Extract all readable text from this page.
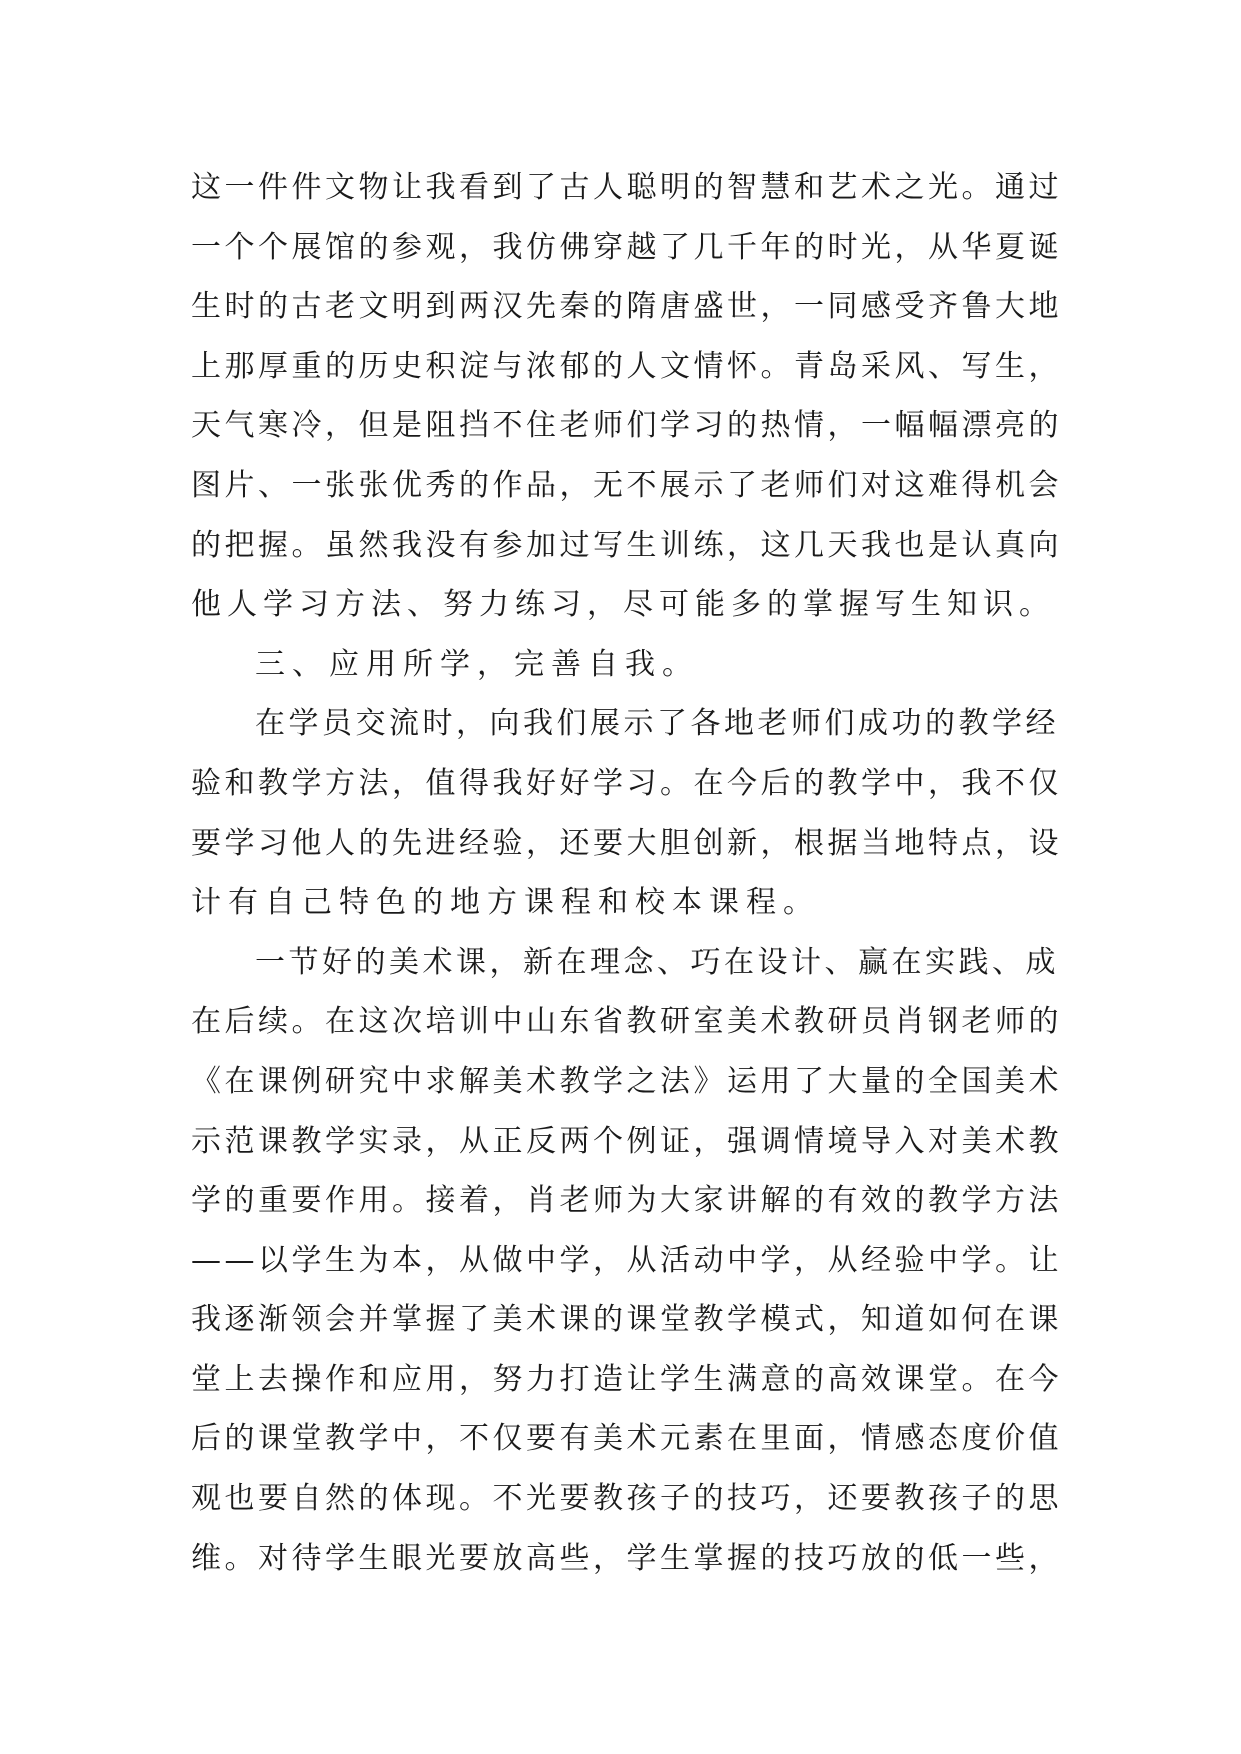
这一件件文物让我看到了古人聪明的智慧和艺术之光。通过
一个个展馆的参观，我仿佛穿越了几千年的时光，从华夏诞
生时的古老文明到两汉先秦的隋唐盛世，一同感受齐鲁大地
上那厚重的历史积淀与浓郁的人文情怀。青岛采风、写生，
天气寒冷，但是阻挡不住老师们学习的热情，一幅幅漂亮的
图片、一张张优秀的作品，无不展示了老师们对这难得机会
的把握。虽然我没有参加过写生训练，这几天我也是认真向
他人学习方法、努力练习，尽可能多的掌握写生知识。
三、应用所学，完善自我。
在学员交流时，向我们展示了各地老师们成功的教学经
验和教学方法，值得我好好学习。在今后的教学中，我不仅
要学习他人的先进经验，还要大胆创新，根据当地特点，设
计有自己特色的地方课程和校本课程。
一节好的美术课，新在理念、巧在设计、赢在实践、成
在后续。在这次培训中山东省教研室美术教研员肖钢老师的
《在课例研究中求解美术教学之法》运用了大量的全国美术
示范课教学实录，从正反两个例证，强调情境导入对美术教
学的重要作用。接着，肖老师为大家讲解的有效的教学方法
——以学生为本，从做中学，从活动中学，从经验中学。让
我逐渐领会并掌握了美术课的课堂教学模式，知道如何在课
堂上去操作和应用，努力打造让学生满意的高效课堂。在今
后的课堂教学中，不仅要有美术元素在里面，情感态度价值
观也要自然的体现。不光要教孩子的技巧，还要教孩子的思
维。对待学生眼光要放高些，学生掌握的技巧放的低一些，
